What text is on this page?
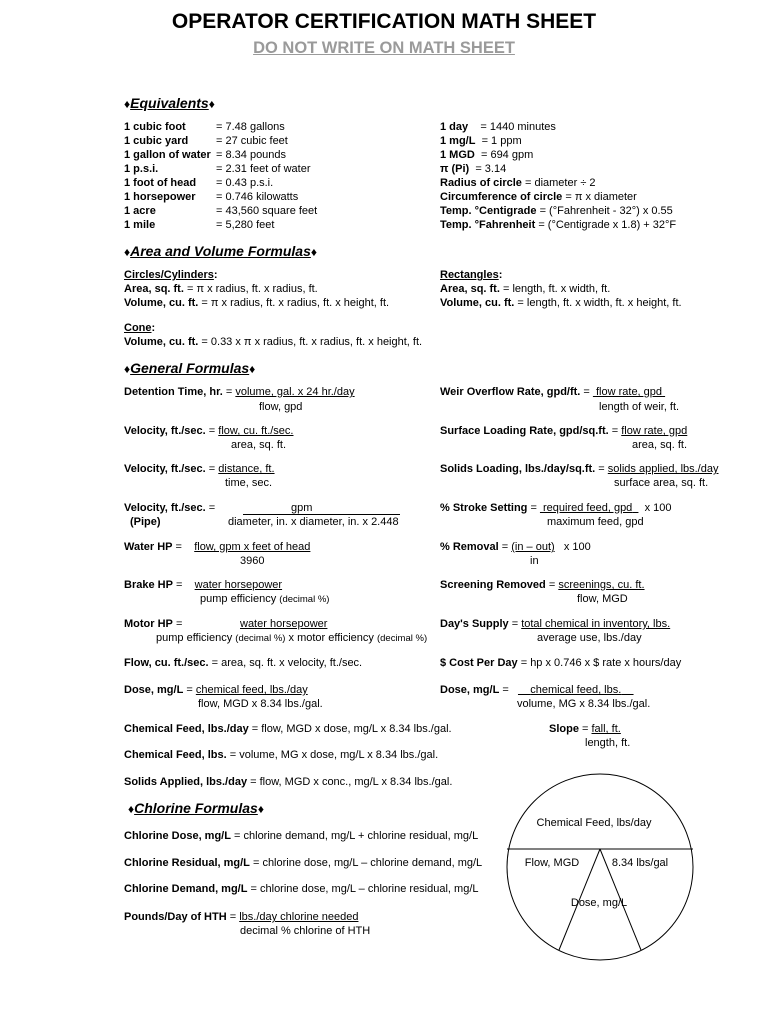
OPERATOR CERTIFICATION MATH SHEET
DO NOT WRITE ON MATH SHEET
♦Equivalents♦
1 cubic foot	= 7.48 gallons
1 cubic yard	= 27 cubic feet
1 gallon of water = 8.34 pounds
1 p.s.i.	= 2.31 feet of water
1 foot of head = 0.43 p.s.i.
1 horsepower = 0.746 kilowatts
1 acre	= 43,560 square feet
1 mile	= 5,280 feet
1 day = 1440 minutes
1 mg/L = 1 ppm
1 MGD = 694 gpm
π (Pi) = 3.14
Radius of circle = diameter ÷ 2
Circumference of circle = π x diameter
Temp. °Centigrade = (°Fahrenheit - 32°) x 0.55
Temp. °Fahrenheit = (°Centigrade x 1.8) + 32°F
♦Area and Volume Formulas♦
Circles/Cylinders:
Area, sq. ft. = π x radius, ft. x radius, ft.
Volume, cu. ft. = π x radius, ft. x radius, ft. x height, ft.
Rectangles:
Area, sq. ft. = length, ft. x width, ft.
Volume, cu. ft. = length, ft. x width, ft. x height, ft.
Cone:
Volume, cu. ft. = 0.33 x π x radius, ft. x radius, ft. x height, ft.
♦General Formulas♦
Detention Time, hr. = volume, gal. x 24 hr./day
flow, gpd
Velocity, ft./sec. = flow, cu. ft./sec.
area, sq. ft.
Velocity, ft./sec. = distance, ft.
time, sec.
Velocity, ft./sec. =	gpm
(Pipe)	diameter, in. x diameter, in. x 2.448
Water HP =    flow, gpm x feet of head
3960
Brake HP =    water horsepower
pump efficiency (decimal %)
Motor HP =	water horsepower
pump efficiency (decimal %) x motor efficiency (decimal %)
Flow, cu. ft./sec. = area, sq. ft. x velocity, ft./sec.
Dose, mg/L = chemical feed, lbs./day
flow, MGD x 8.34 lbs./gal.
Chemical Feed, lbs./day = flow, MGD x dose, mg/L x 8.34 lbs./gal.
Chemical Feed, lbs. = volume, MG x dose, mg/L x 8.34 lbs./gal.
Solids Applied, lbs./day = flow, MGD x conc., mg/L x 8.34 lbs./gal.
Weir Overflow Rate, gpd/ft. =  flow rate, gpd
length of weir, ft.
Surface Loading Rate, gpd/sq.ft. = flow rate, gpd
area, sq. ft.
Solids Loading, lbs./day/sq.ft. = solids applied, lbs./day
surface area, sq. ft.
% Stroke Setting =  required feed, gpd x 100
maximum feed, gpd
% Removal = (in – out) x 100
in
Screening Removed = screenings, cu. ft.
flow, MGD
Day's Supply = total chemical in inventory, lbs.
average use, lbs./day
$ Cost Per Day = hp x 0.746 x $ rate x hours/day
Dose, mg/L =       chemical feed, lbs.
volume, MG x 8.34 lbs./gal.
Slope = fall, ft.
length, ft.
♦Chlorine Formulas♦
Chlorine Dose, mg/L = chlorine demand, mg/L + chlorine residual, mg/L
Chlorine Residual, mg/L = chlorine dose, mg/L – chlorine demand, mg/L
Chlorine Demand, mg/L = chlorine dose, mg/L – chlorine residual, mg/L
Pounds/Day of HTH = lbs./day chlorine needed
decimal % chlorine of HTH
Chemical Feed, lbs/day
Flow, MGD	8.34 lbs/gal
Dose, mg/L
